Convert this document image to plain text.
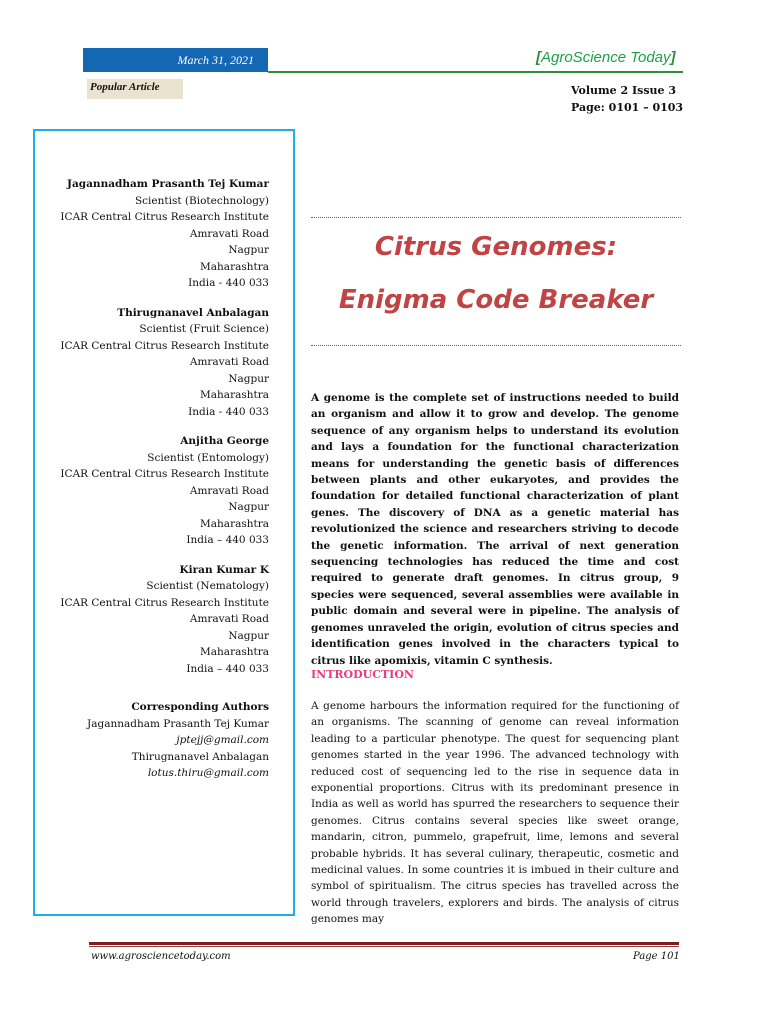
March 31, 2021	[AgroScience Today]
Popular Article	Volume 2 Issue 3
Page: 0101 – 0103
Jagannadham Prasanth Tej Kumar
Scientist (Biotechnology)
ICAR Central Citrus Research Institute
Amravati Road
Nagpur
Maharashtra
India - 440 033
Thirugnanavel Anbalagan
Scientist (Fruit Science)
ICAR Central Citrus Research Institute
Amravati Road
Nagpur
Maharashtra
India - 440 033
Anjitha George
Scientist (Entomology)
ICAR Central Citrus Research Institute
Amravati Road
Nagpur
Maharashtra
India – 440 033
Kiran Kumar K
Scientist (Nematology)
ICAR Central Citrus Research Institute
Amravati Road
Nagpur
Maharashtra
India – 440 033
Corresponding Authors
Jagannadham Prasanth Tej Kumar
jptejj@gmail.com
Thirugnanavel Anbalagan
lotus.thiru@gmail.com
Citrus Genomes:
Enigma Code Breaker
A genome is the complete set of instructions needed to build an organism and allow it to grow and develop. The genome sequence of any organism helps to understand its evolution and lays a foundation for the functional characterization means for understanding the genetic basis of differences between plants and other eukaryotes, and provides the foundation for detailed functional characterization of plant genes. The discovery of DNA as a genetic material has revolutionized the science and researchers striving to decode the genetic information. The arrival of next generation sequencing technologies has reduced the time and cost required to generate draft genomes. In citrus group, 9 species were sequenced, several assemblies were available in public domain and several were in pipeline. The analysis of genomes unraveled the origin, evolution of citrus species and identification genes involved in the characters typical to citrus like apomixis, vitamin C synthesis.
INTRODUCTION
A genome harbours the information required for the functioning of an organisms. The scanning of genome can reveal information leading to a particular phenotype. The quest for sequencing plant genomes started in the year 1996. The advanced technology with reduced cost of sequencing led to the rise in sequence data in exponential proportions. Citrus with its predominant presence in India as well as world has spurred the researchers to sequence their genomes. Citrus contains several species like sweet orange, mandarin, citron, pummelo, grapefruit, lime, lemons and several probable hybrids. It has several culinary, therapeutic, cosmetic and medicinal values. In some countries it is imbued in their culture and symbol of spiritualism. The citrus species has travelled across the world through travelers, explorers and birds. The analysis of citrus genomes may
www.agrosciencetoday.com	Page 101
